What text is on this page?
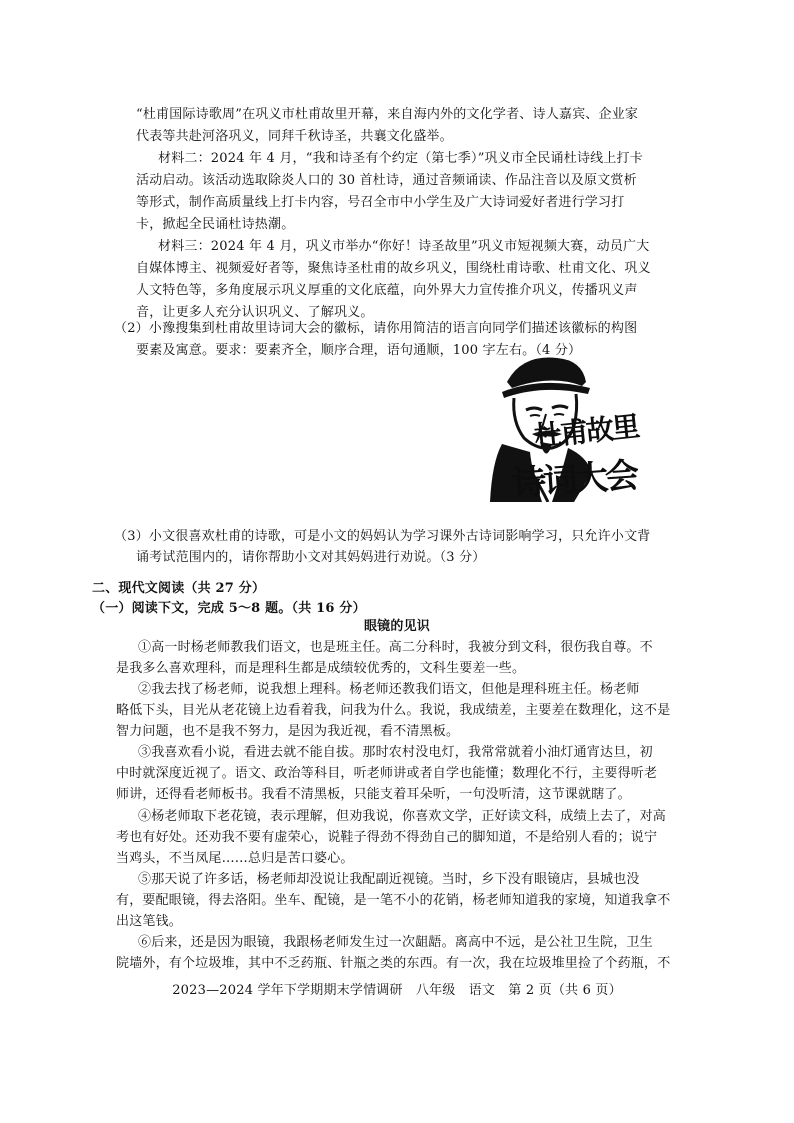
“杜甫国际诗歌周”在巩义市杜甫故里开幕，来自海内外的文化学者、诗人嘉宾、企业家

代表等共赴河洛巩义，同拜千秋诗圣，共襄文化盛举。

材料二：2024 年 4 月，“我和诗圣有个约定（第七季）”巩义市全民诵杜诗线上打卡

活动启动。该活动选取除炎人口的 30 首杜诗，通过音频诵读、作品注音以及原文赏析

等形式，制作高质量线上打卡内容，号召全市中小学生及广大诗词爱好者进行学习打

卡，掀起全民诵杜诗热潮。

材料三：2024 年 4 月，巩义市举办“你好！诗圣故里”巩义市短视频大赛，动员广大

自媒体博主、视频爱好者等，聚焦诗圣杜甫的故乡巩义，围绕杜甫诗歌、杜甫文化、巩义

人文特色等，多角度展示巩义厚重的文化底蕴，向外界大力宣传推介巩义，传播巩义声

音，让更多人充分认识巩义、了解巩义。

（2）小豫搜集到杜甫故里诗词大会的徽标，请你用简洁的语言向同学们描述该徽标的构图

要素及寓意。要求：要素齐全，顺序合理，语句通顺，100 字左右。（4 分）

杜甫故里
诗词大会

（3）小文很喜欢杜甫的诗歌，可是小文的妈妈认为学习课外古诗词影响学习，只允许小文背

诵考试范围内的，请你帮助小文对其妈妈进行劝说。（3 分）

二、现代文阅读（共 27 分）

（一）阅读下文，完成 5～8 题。（共 16 分）

眼镜的见识

①高一时杨老师教我们语文，也是班主任。高二分科时，我被分到文科，很伤我自尊。不

是我多么喜欢理科，而是理科生都是成绩较优秀的，文科生要差一些。

②我去找了杨老师，说我想上理科。杨老师还教我们语文，但他是理科班主任。杨老师

略低下头，目光从老花镜上边看着我，问我为什么。我说，我成绩差，主要差在数理化，这不是

智力问题，也不是我不努力，是因为我近视，看不清黑板。

③我喜欢看小说，看进去就不能自拔。那时农村没电灯，我常常就着小油灯通宵达旦，初

中时就深度近视了。语文、政治等科目，听老师讲或者自学也能懂；数理化不行，主要得听老

师讲，还得看老师板书。我看不清黑板，只能支着耳朵听，一句没听清，这节课就瞎了。

④杨老师取下老花镜，表示理解，但劝我说，你喜欢文学，正好读文科，成绩上去了，对高

考也有好处。还劝我不要有虚荣心，说鞋子得劲不得劲自己的脚知道，不是给别人看的；说宁

当鸡头，不当凤尾……总归是苦口婆心。

⑤那天说了许多话，杨老师却没说让我配副近视镜。当时，乡下没有眼镜店，县城也没

有，要配眼镜，得去洛阳。坐车、配镜，是一笔不小的花销，杨老师知道我的家境，知道我拿不

出这笔钱。

⑥后来，还是因为眼镜，我跟杨老师发生过一次龃龉。离高中不远，是公社卫生院，卫生

院墙外，有个垃圾堆，其中不乏药瓶、针瓶之类的东西。有一次，我在垃圾堆里捡了个药瓶，不

2023—2024 学年下学期期末学情调研　八年级　语文　第 2 页（共 6 页）
